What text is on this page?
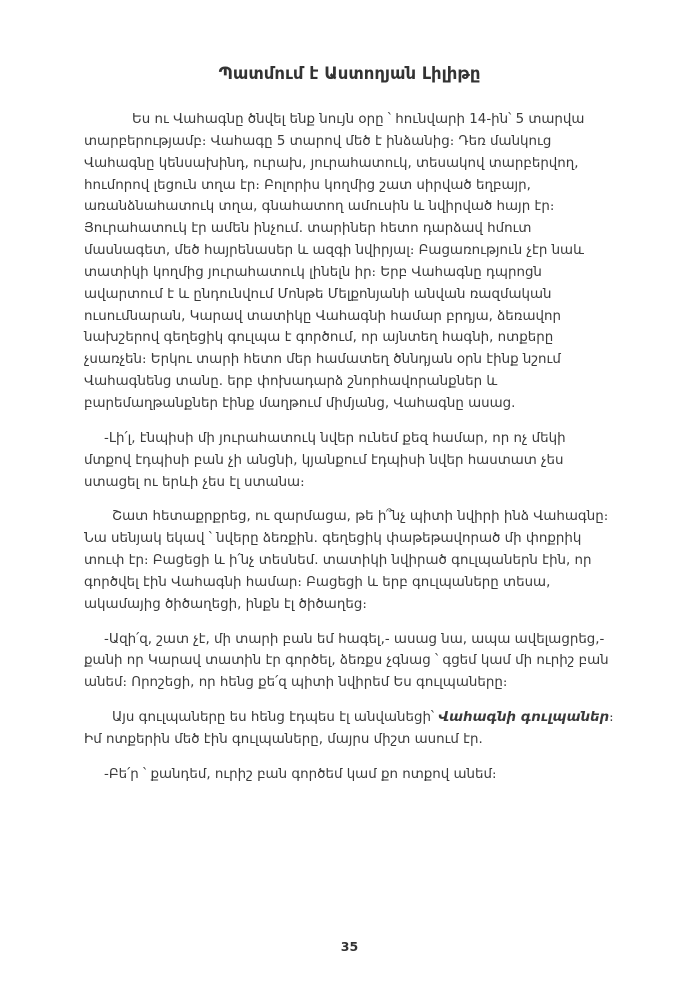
Պատմում է Աստողյան Լիլիթը

Ես ու Վահագնը ծնվել ենք նույն օրը ՝ հունվարի 14-ին՝ 5 տարվա տարբերությամբ։ Վահագը 5 տարով մեծ է ինձանից։ Դեռ մանկուց Վահագնը կենսախինդ, ուրախ, յուրահատուկ, տեսակով տարբերվող, հումորով լեցուն տղա էր։ Բոլորիս կողմից շատ սիրված եղբայր, առանձնահատուկ տղա, գնահատող ամուսին և նվիրված հայր էր։ Յուրահատուկ էր ամեն ինչում. տարիներ հետո դարձավ հմուտ մասնագետ, մեծ հայրենասեր և ազգի նվիրյալ։ Բացառություն չէր նաև տատիկի կողմից յուրահատուկ լինելն իր։ Երբ Վահագնը դպրոցն ավարտում է և ընդունվում Մոնթե Մելքոնյանի անվան ռազմական ուսումնարան, Կարավ տատիկը Վահագնի համար բրդյա, ձեռավոր նախշերով գեղեցիկ գուլպա է գործում, որ այնտեղ հագնի, ոտքերը չսառչեն։ Երկու տարի հետո մեր համատեղ ծննդյան օրն էինք նշում Վահագնենց տանը. երբ փոխադարձ շնորհավորանքներ և բարեմաղթանքներ էինք մաղթում միմյանց, Վահագնը ասաց.

-Լի՛լ, էնպիսի մի յուրահատուկ նվեր ունեմ քեզ համար, որ ոչ մեկի մտքով էդպիսի բան չի անցնի, կյանքում էդպիսի նվեր հաստատ չես ստացել ու երևի չես էլ ստանա։

Շատ հետաքրքրեց, ու զարմացա, թե ի՞նչ պիտի նվիրի ինձ Վահագնը։ Նա սենյակ եկավ ՝ նվերը ձեռքին. գեղեցիկ փաթեթավորած մի փոքրիկ տուփ էր։ Բացեցի և ի՛նչ տեսնեմ. տատիկի նվիրած գուլպաներն էին, որ գործվել էին Վահագնի համար։ Բացեցի և երբ գուլպաները տեսա, ակամայից ծիծաղեցի, ինքն էլ ծիծաղեց։

-Ազի՛զ, շատ չէ, մի տարի բան եմ հագել,- ասաց նա, ապա ավելացրեց,- քանի որ Կարավ տատին էր գործել, ձեռքս չգնաց ՝ գցեմ կամ մի ուրիշ բան անեմ։ Որոշեցի, որ հենց քե՛զ պիտի նվիրեմ Ես գուլպաները։

Այս գուլպաները ես հենց էդպես էլ անվանեցի՝ Վահագնի գուլպաներ։ Իմ ոտքերին մեծ էին գուլպաները, մայրս միշտ ասում էր.

-Բե՛ր ՝ քանդեմ, ուրիշ բան գործեմ կամ քո ոտքով անեմ։

35
